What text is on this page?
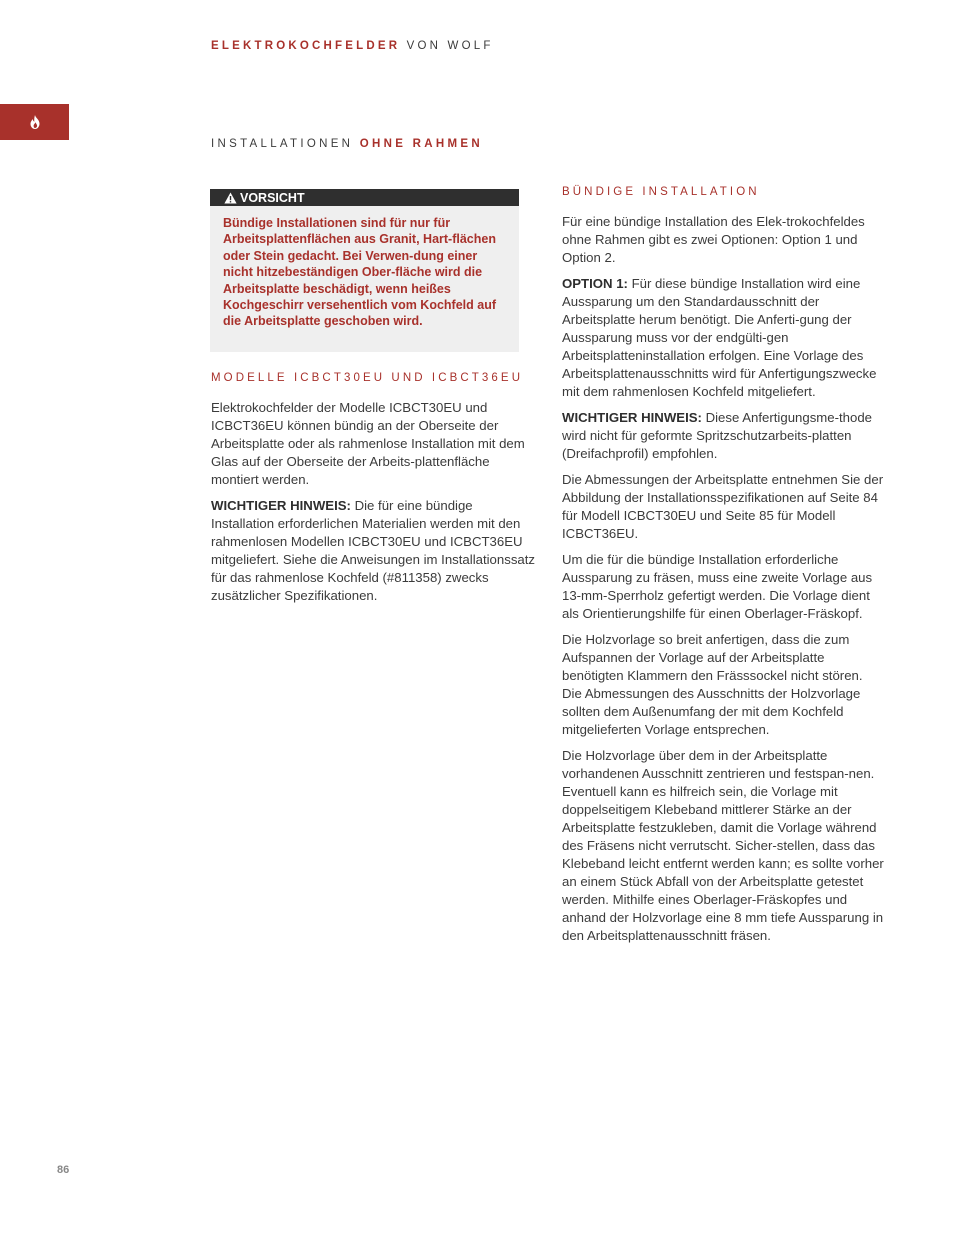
ELEKTROKOCHFELDER VON WOLF
INSTALLATIONEN OHNE RAHMEN
VORSICHT
Bündige Installationen sind für nur für Arbeitsplattenflächen aus Granit, Hart-flächen oder Stein gedacht. Bei Verwen-dung einer nicht hitzebeständigen Ober-fläche wird die Arbeitsplatte beschädigt, wenn heißes Kochgeschirr versehentlich vom Kochfeld auf die Arbeitsplatte geschoben wird.
MODELLE ICBCT30EU UND ICBCT36EU

Elektrokochfelder der Modelle ICBCT30EU und ICBCT36EU können bündig an der Oberseite der Arbeitsplatte oder als rahmenlose Installation mit dem Glas auf der Oberseite der Arbeits-plattenfläche montiert werden.

WICHTIGER HINWEIS: Die für eine bündige Installation erforderlichen Materialien werden mit den rahmenlosen Modellen ICBCT30EU und ICBCT36EU mitgeliefert. Siehe die Anweisungen im Installationssatz für das rahmenlose Kochfeld (#811358) zwecks zusätzlicher Spezifikationen.

BÜNDIGE INSTALLATION

Für eine bündige Installation des Elek-trokochfeldes ohne Rahmen gibt es zwei Optionen: Option 1 und Option 2.

OPTION 1: Für diese bündige Installation wird eine Aussparung um den Standardausschnitt der Arbeitsplatte herum benötigt. Die Anferti-gung der Aussparung muss vor der endgülti-gen Arbeitsplatteninstallation erfolgen. Eine Vorlage des Arbeitsplattenausschnitts wird für Anfertigungszwecke mit dem rahmenlosen Kochfeld mitgeliefert.

WICHTIGER HINWEIS: Diese Anfertigungsme-thode wird nicht für geformte Spritzschutzarbeits-platten (Dreifachprofil) empfohlen.

Die Abmessungen der Arbeitsplatte entnehmen Sie der Abbildung der Installationsspezifikationen auf Seite 84 für Modell ICBCT30EU und Seite 85 für Modell ICBCT36EU.

Um die für die bündige Installation erforderliche Aussparung zu fräsen, muss eine zweite Vorlage aus 13-mm-Sperrholz gefertigt werden. Die Vorlage dient als Orientierungshilfe für einen Oberlager-Fräskopf.

Die Holzvorlage so breit anfertigen, dass die zum Aufspannen der Vorlage auf der Arbeitsplatte benötigten Klammern den Frässsockel nicht stören. Die Abmessungen des Ausschnitts der Holzvorlage sollten dem Außenumfang der mit dem Kochfeld mitgelieferten Vorlage entsprechen.

Die Holzvorlage über dem in der Arbeitsplatte vorhandenen Ausschnitt zentrieren und festspan-nen. Eventuell kann es hilfreich sein, die Vorlage mit doppelseitigem Klebeband mittlerer Stärke an der Arbeitsplatte festzukleben, damit die Vorlage während des Fräsens nicht verrutscht. Sicher-stellen, dass das Klebeband leicht entfernt werden kann; es sollte vorher an einem Stück Abfall von der Arbeitsplatte getestet werden. Mithilfe eines Oberlager-Fräskopfes und anhand der Holzvorlage eine 8 mm tiefe Aussparung in den Arbeitsplattenausschnitt fräsen.

86
